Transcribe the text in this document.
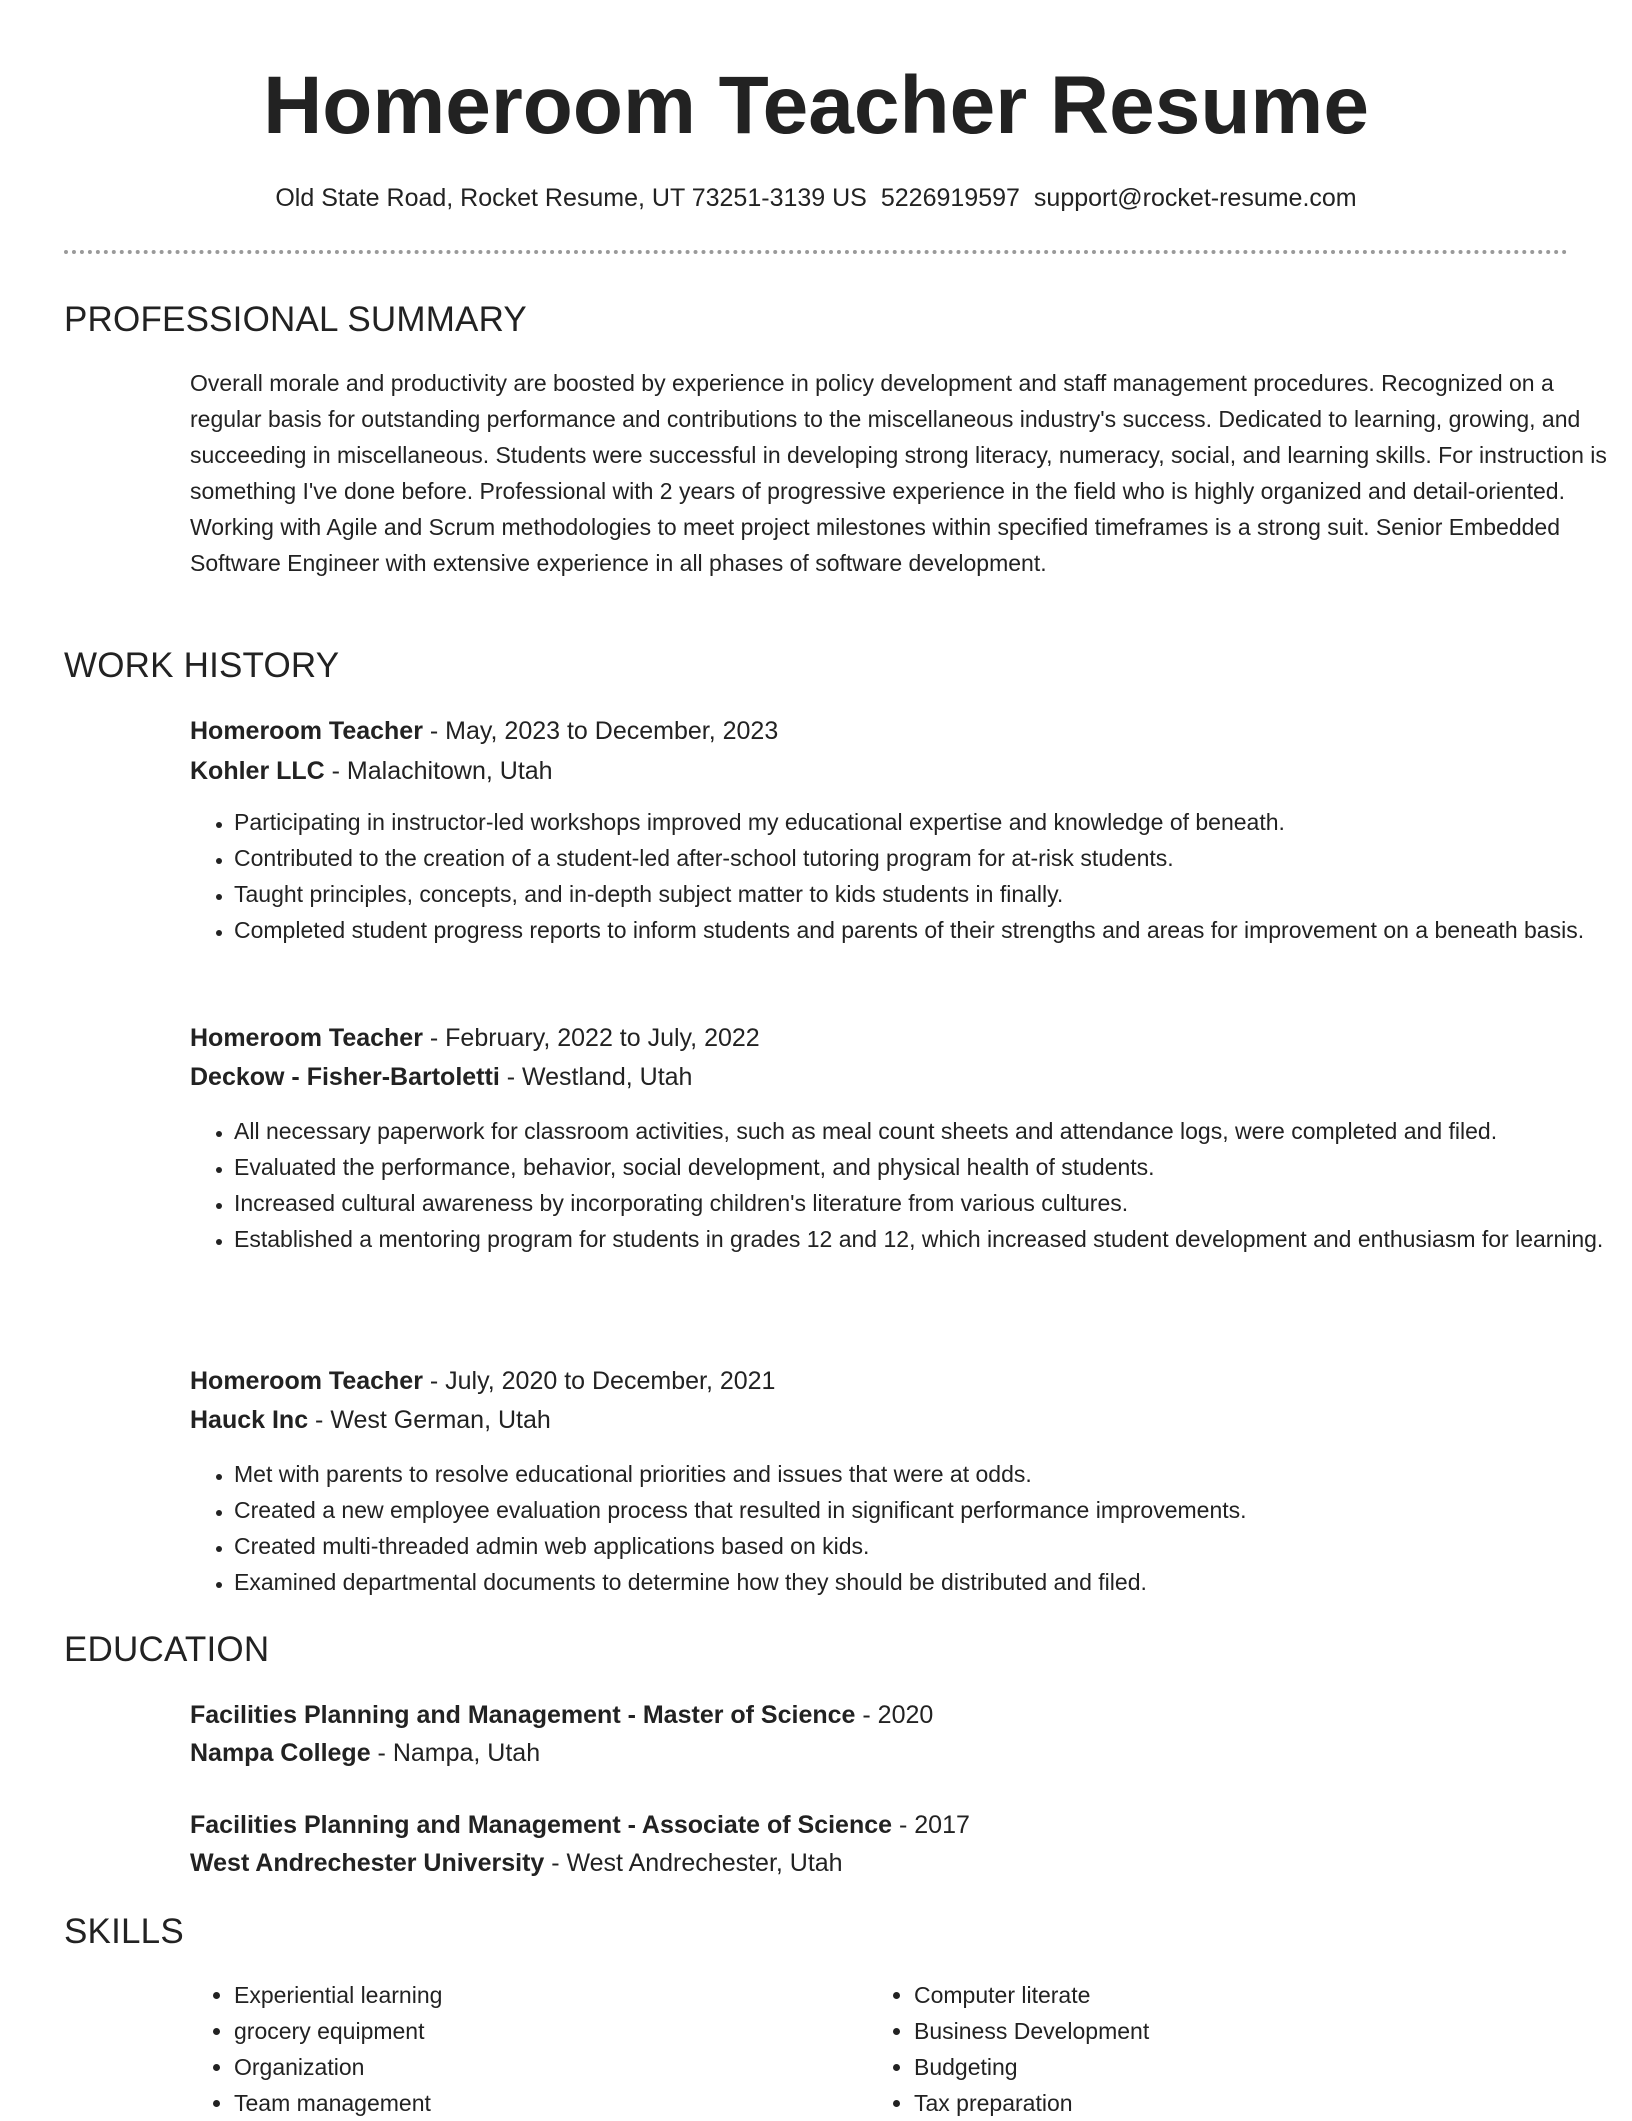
Homeroom Teacher Resume
Old State Road, Rocket Resume, UT 73251-3139 US 5226919597 support@rocket-resume.com
PROFESSIONAL SUMMARY
Overall morale and productivity are boosted by experience in policy development and staff management procedures. Recognized on a regular basis for outstanding performance and contributions to the miscellaneous industry's success. Dedicated to learning, growing, and succeeding in miscellaneous. Students were successful in developing strong literacy, numeracy, social, and learning skills. For instruction is something I've done before. Professional with 2 years of progressive experience in the field who is highly organized and detail-oriented. Working with Agile and Scrum methodologies to meet project milestones within specified timeframes is a strong suit. Senior Embedded Software Engineer with extensive experience in all phases of software development.
WORK HISTORY
Homeroom Teacher - May, 2023 to December, 2023
Kohler LLC - Malachitown, Utah
• Participating in instructor-led workshops improved my educational expertise and knowledge of beneath.
• Contributed to the creation of a student-led after-school tutoring program for at-risk students.
• Taught principles, concepts, and in-depth subject matter to kids students in finally.
• Completed student progress reports to inform students and parents of their strengths and areas for improvement on a beneath basis.
Homeroom Teacher - February, 2022 to July, 2022
Deckow - Fisher-Bartoletti - Westland, Utah
• All necessary paperwork for classroom activities, such as meal count sheets and attendance logs, were completed and filed.
• Evaluated the performance, behavior, social development, and physical health of students.
• Increased cultural awareness by incorporating children's literature from various cultures.
• Established a mentoring program for students in grades 12 and 12, which increased student development and enthusiasm for learning.
Homeroom Teacher - July, 2020 to December, 2021
Hauck Inc - West German, Utah
• Met with parents to resolve educational priorities and issues that were at odds.
• Created a new employee evaluation process that resulted in significant performance improvements.
• Created multi-threaded admin web applications based on kids.
• Examined departmental documents to determine how they should be distributed and filed.
EDUCATION
Facilities Planning and Management - Master of Science - 2020
Nampa College - Nampa, Utah
Facilities Planning and Management - Associate of Science - 2017
West Andrechester University - West Andrechester, Utah
SKILLS
• Experiential learning
• grocery equipment
• Organization
• Team management
• Computer literate
• Business Development
• Budgeting
• Tax preparation
